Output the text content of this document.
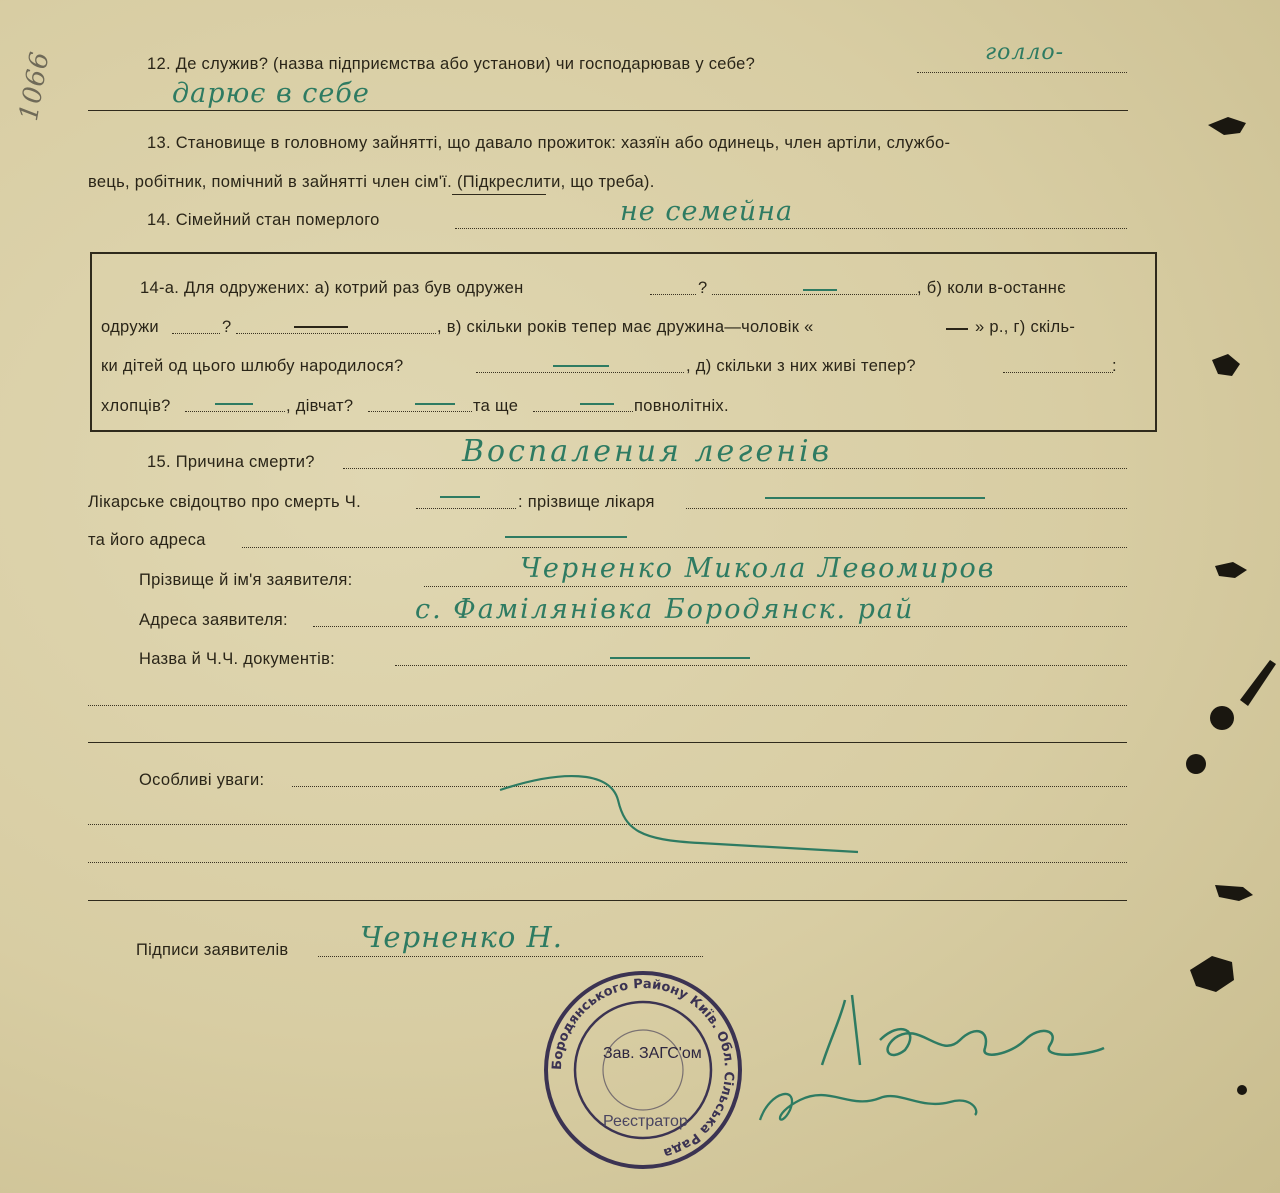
1066	12. Де служив? (назва підприємства або установи) чи господарював у себе?	голло-
дарює в себе
13. Становище в головному зайнятті, що давало прожиток: хазяїн або одинець, член артіли, службо-
вець, робітник, помічний в зайнятті член сім'ї. (Підкреслити, що треба).
14. Сімейний стан померлого	не семейна
14-а. Для одружених: а) котрий раз був одружен	?	, б) коли в-останнє
одружи	?	, в) скільки років тепер має дружина—чоловік «	» р., г) скіль-
ки дітей од цього шлюбу народилося?	, д) скільки з них живі тепер?	:
хлопців?	, дівчат?	та ще	повнолітніх.
15. Причина смерти?	Воспаления легенів
Лікарське свідоцтво про смерть Ч.	: прізвище лікаря
та його адреса
Прізвище й ім'я заявителя:	Черненко Микола Левомиров
Адреса заявителя:	с. Фамілянівка Бородянск. рай
Назва й Ч.Ч. документів:
Особливі уваги:
Підписи заявителів Черненко Н.
Бородянського Району Київ. Обл. Сільська Рада
Зав. ЗАГС'ом
Реєстратор
